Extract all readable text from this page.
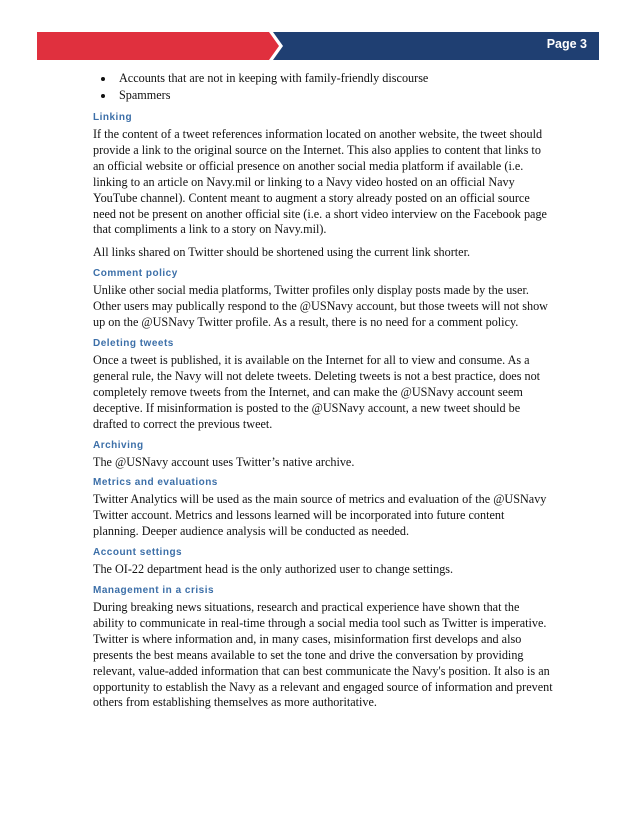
Page 3
• Accounts that are not in keeping with family-friendly discourse
• Spammers
Linking

If the content of a tweet references information located on another website, the tweet should provide a link to the original source on the Internet. This also applies to content that links to an official website or official presence on another social media platform if available (i.e. linking to an article on Navy.mil or linking to a Navy video hosted on an official Navy YouTube channel). Content meant to augment a story already posted on an official source need not be present on another official site (i.e. a short video interview on the Facebook page that compliments a link to a story on Navy.mil).

All links shared on Twitter should be shortened using the current link shorter.

Comment policy

Unlike other social media platforms, Twitter profiles only display posts made by the user. Other users may publically respond to the @USNavy account, but those tweets will not show up on the @USNavy Twitter profile. As a result, there is no need for a comment policy.

Deleting tweets

Once a tweet is published, it is available on the Internet for all to view and consume. As a general rule, the Navy will not delete tweets. Deleting tweets is not a best practice, does not completely remove tweets from the Internet, and can make the @USNavy account seem deceptive. If misinformation is posted to the @USNavy account, a new tweet should be drafted to correct the previous tweet.

Archiving

The @USNavy account uses Twitter’s native archive.

Metrics and evaluations

Twitter Analytics will be used as the main source of metrics and evaluation of the @USNavy Twitter account. Metrics and lessons learned will be incorporated into future content planning. Deeper audience analysis will be conducted as needed.

Account settings

The OI-22 department head is the only authorized user to change settings.

Management in a crisis

During breaking news situations, research and practical experience have shown that the ability to communicate in real-time through a social media tool such as Twitter is imperative. Twitter is where information and, in many cases, misinformation first develops and also presents the best means available to set the tone and drive the conversation by providing relevant, value-added information that can best communicate the Navy's position. It also is an opportunity to establish the Navy as a relevant and engaged source of information and prevent others from establishing themselves as more authoritative.
